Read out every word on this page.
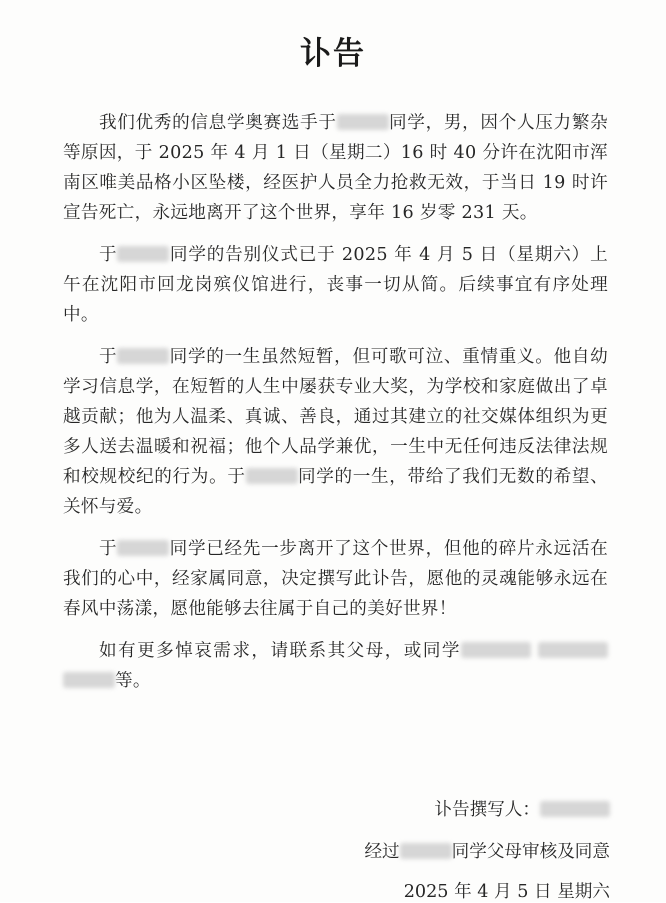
讣告

我们优秀的信息学奥赛选手于	同学，男，因个人压力繁杂等原因，于 2025 年 4 月 1 日（星期二）16 时 40 分许在沈阳市浑南区唯美品格小区坠楼，经医护人员全力抢救无效，于当日 19 时许宣告死亡，永远地离开了这个世界，享年 16 岁零 231 天。

于	同学的告别仪式已于 2025 年 4 月 5 日（星期六）上午在沈阳市回龙岗殡仪馆进行，丧事一切从简。后续事宜有序处理中。

于	同学的一生虽然短暂，但可歌可泣、重情重义。他自幼学习信息学，在短暂的人生中屡获专业大奖，为学校和家庭做出了卓越贡献；他为人温柔、真诚、善良，通过其建立的社交媒体组织为更多人送去温暖和祝福；他个人品学兼优，一生中无任何违反法律法规和校规校纪的行为。于	同学的一生，带给了我们无数的希望、关怀与爱。

于	同学已经先一步离开了这个世界，但他的碎片永远活在我们的心中，经家属同意，决定撰写此讣告，愿他的灵魂能够永远在春风中荡漾，愿他能够去往属于自己的美好世界！

如有更多悼哀需求，请联系其父母，或同学 等。

讣告撰写人：
经过	同学父母审核及同意
2025 年 4 月 5 日 星期六
